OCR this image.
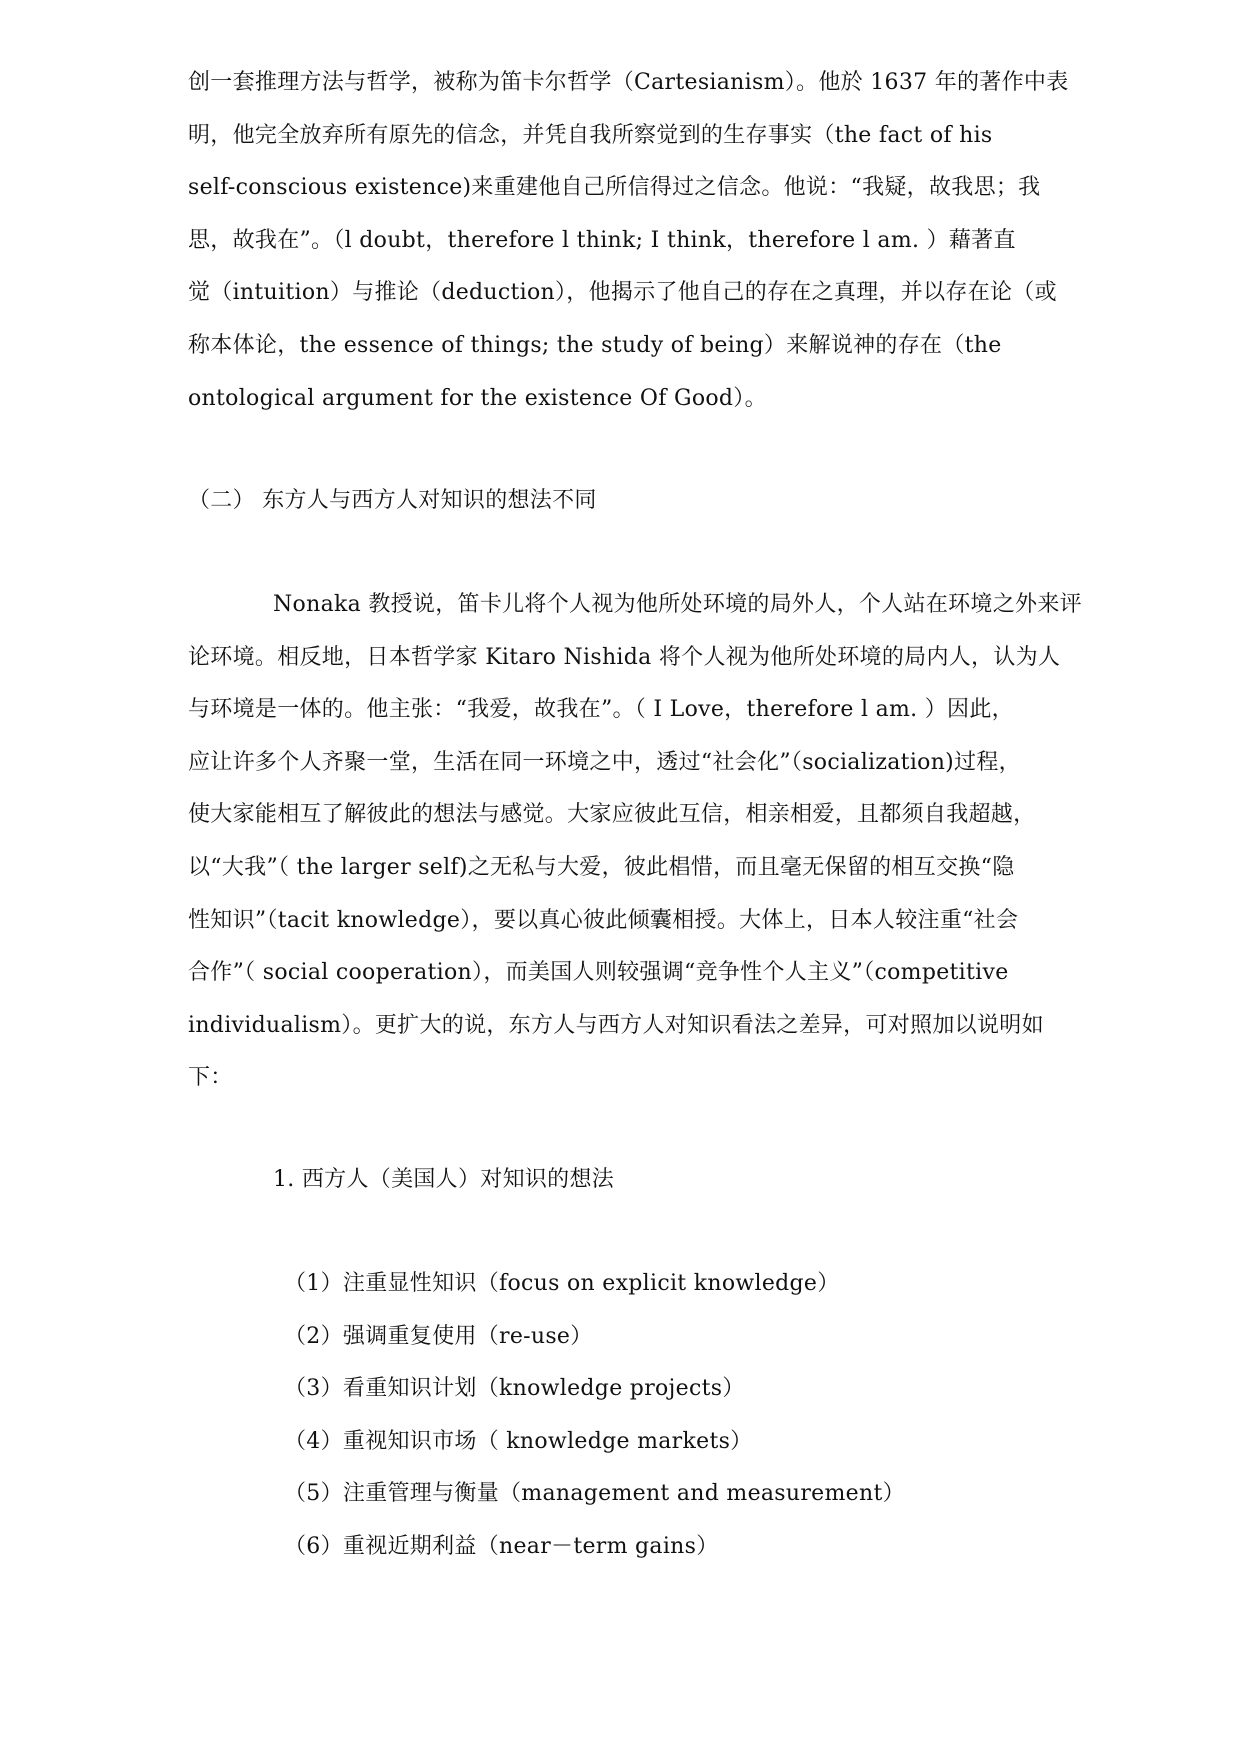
创一套推理方法与哲学，被称为笛卡尔哲学（Cartesianism）。他於 1637 年的著作中表
明，他完全放弃所有原先的信念，并凭自我所察觉到的生存事实（the fact of his
self-conscious existence)来重建他自己所信得过之信念。他说：“我疑，故我思；我
思，故我在”。（l doubt，therefore l think; I think，therefore l am. ）藉著直
觉（intuition）与推论（deduction），他揭示了他自己的存在之真理，并以存在论（或
称本体论，the essence of things; the study of being）来解说神的存在（the
ontological argument for the existence Of Good）。
（二） 东方人与西方人对知识的想法不同
Nonaka 教授说，笛卡儿将个人视为他所处环境的局外人，个人站在环境之外来评
论环境。相反地，日本哲学家 Kitaro Nishida 将个人视为他所处环境的局内人，认为人
与环境是一体的。他主张：“我爱，故我在”。（ I Love，therefore l am. ）因此，
应让许多个人齐聚一堂，生活在同一环境之中，透过“社会化”（socialization)过程，
使大家能相互了解彼此的想法与感觉。大家应彼此互信，相亲相爱，且都须自我超越，
以“大我”（ the larger self)之无私与大爱，彼此椙惜，而且毫无保留的相互交换“隐
性知识”（tacit knowledge），要以真心彼此倾囊相授。大体上，日本人较注重“社会
合作”（ social cooperation），而美国人则较强调“竞争性个人主义”（competitive
individualism）。更扩大的说，东方人与西方人对知识看法之差异，可对照加以说明如
下：
1. 西方人（美国人）对知识的想法
（1）注重显性知识（focus on explicit knowledge）
（2）强调重复使用（re-use）
（3）看重知识计划（knowledge projects）
（4）重视知识市场（ knowledge markets）
（5）注重管理与衡量（management and measurement）
（6）重视近期利益（near－term gains）
